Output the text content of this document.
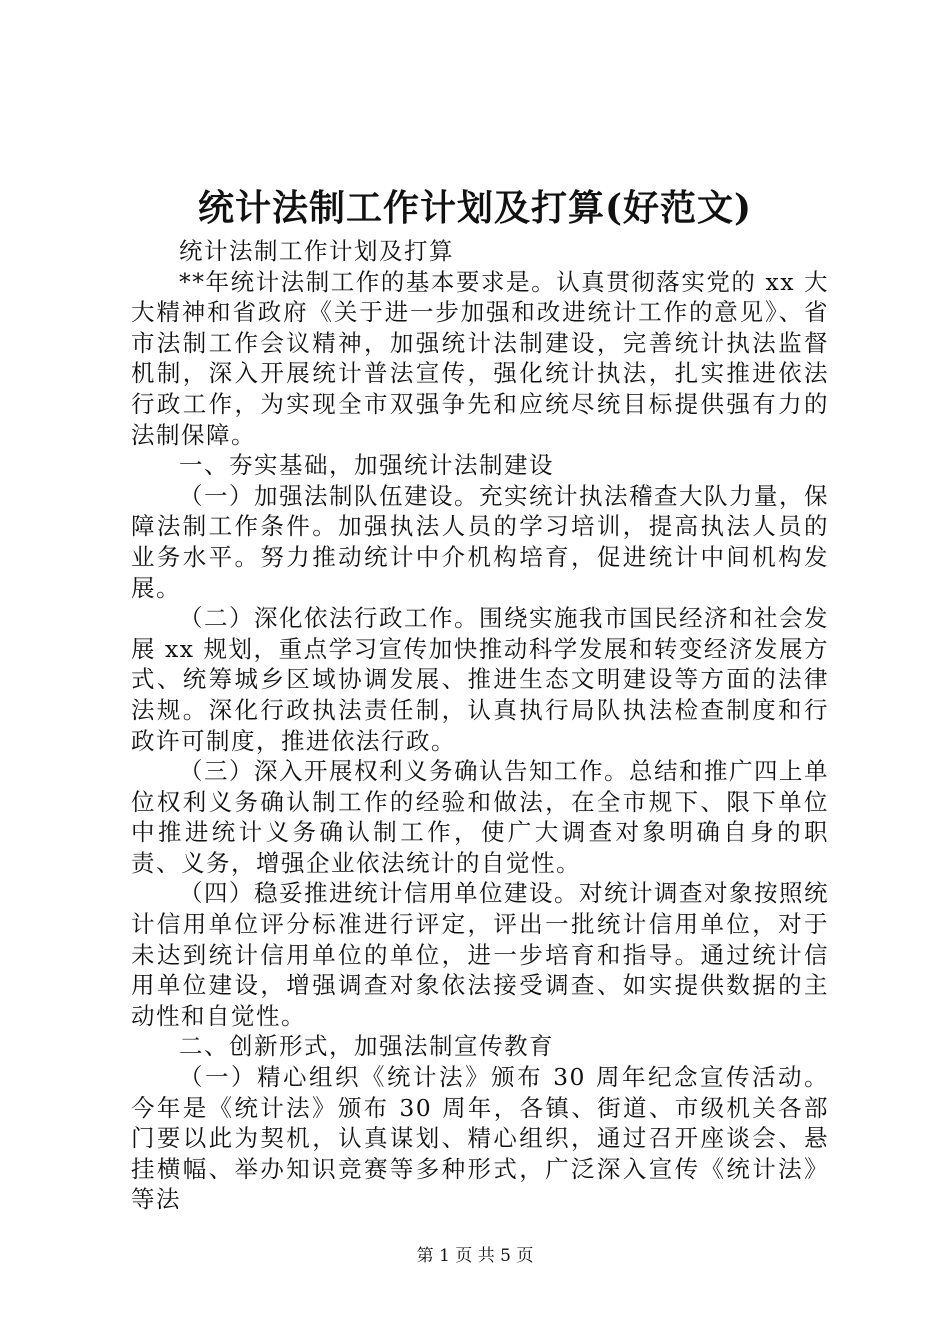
统计法制工作计划及打算(好范文)

统计法制工作计划及打算

**年统计法制工作的基本要求是。认真贯彻落实党的 xx 大大精神和省政府《关于进一步加强和改进统计工作的意见》、省市法制工作会议精神，加强统计法制建设，完善统计执法监督机制，深入开展统计普法宣传，强化统计执法，扎实推进依法行政工作，为实现全市双强争先和应统尽统目标提供强有力的法制保障。

一、夯实基础，加强统计法制建设

（一）加强法制队伍建设。充实统计执法稽查大队力量，保障法制工作条件。加强执法人员的学习培训，提高执法人员的业务水平。努力推动统计中介机构培育，促进统计中间机构发展。

（二）深化依法行政工作。围绕实施我市国民经济和社会发展 xx 规划，重点学习宣传加快推动科学发展和转变经济发展方式、统筹城乡区域协调发展、推进生态文明建设等方面的法律法规。深化行政执法责任制，认真执行局队执法检查制度和行政许可制度，推进依法行政。

（三）深入开展权利义务确认告知工作。总结和推广四上单位权利义务确认制工作的经验和做法，在全市规下、限下单位中推进统计义务确认制工作，使广大调查对象明确自身的职责、义务，增强企业依法统计的自觉性。

（四）稳妥推进统计信用单位建设。对统计调查对象按照统计信用单位评分标准进行评定，评出一批统计信用单位，对于未达到统计信用单位的单位，进一步培育和指导。通过统计信用单位建设，增强调查对象依法接受调查、如实提供数据的主动性和自觉性。

二、创新形式，加强法制宣传教育

（一）精心组织《统计法》颁布 30 周年纪念宣传活动。今年是《统计法》颁布 30 周年，各镇、街道、市级机关各部门要以此为契机，认真谋划、精心组织，通过召开座谈会、悬挂横幅、举办知识竞赛等多种形式，广泛深入宣传《统计法》等法

第 1 页 共 5 页
